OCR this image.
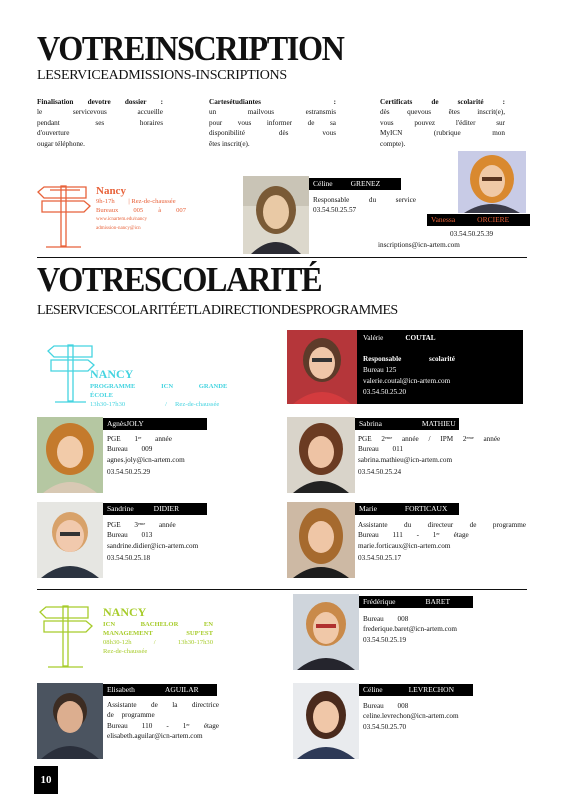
VOTREINSCRIPTION
LESERVICEADMISSIONS-INSCRIPTIONS
Finalisation devotre dossier :
le servicevous accueille
pendant ses horaires
d'ouverture
ougar téléphone.
Cartesétudiantes :
un mailvous estransmis
pour vous informer de sa
disponibilité dès vous
êtes inscrit(e).
Certificats de scolarité :
dès quevous êtes inscrit(e),
vous pouvez l'éditer sur
MyICN (rubrique mon
compte).
Nancy
9h-17h | Rez-de-chaussée
Bureaux 005 à 007
www.icnartem.edu/nancy
admission-nancy@icn
Céline GRENEZ
Responsable du service
03.54.50.25.57
Vanessa	ORCIERE
03.54.50.25.39
inscriptions@icn-artem.com
VOTRESCOLARITÉ
LESERVICESCOLARITÉETLADIRECTIONDESPROGRAMMES
NANCY
PROGRAMME ICN GRANDE ÉCOLE
13h30-17h30	/ Rez-de-chaussée
Valérie	COUTAL
Responsable scolarité
Bureau 125
valerie.coutal@icn-artem.com
03.54.50.25.20
AgnèsJOLY
PGE 1ʳᵉ année
Bureau 009
agnes.joly@icn-artem.com
03.54.50.25.29
Sabrina	MATHIEU
PGE 2ᵉᵐᵉ année / IPM 2ᵉᵐᵉ année
Bureau 011
sabrina.mathieu@icn-artem.com
03.54.50.25.24
Sandrine	DIDIER
PGE 3ᵉᵐᵉ année
Bureau 013
sandrine.didier@icn-artem.com
03.54.50.25.18
Marie	FORTICAUX
Assistante du directeur de programme
Bureau 111 - 1ᵉʳ étage
marie.forticaux@icn-artem.com
03.54.50.25.17
NANCY
ICN BACHELOR EN
MANAGEMENT SUP'EST
08h30-12h / 13h30-17h30
Rez-de-chaussée
Frédérique	BARET
Bureau 008
frederique.baret@icn-artem.com
03.54.50.25.19
Elisabeth	AGUILAR
Assistante de la directrice
de programme
Bureau 110 - 1ᵉʳ étage
elisabeth.aguilar@icn-artem.com
Céline	LEVRECHON
Bureau 008
celine.levrechon@icn-artem.com
03.54.50.25.70
10
